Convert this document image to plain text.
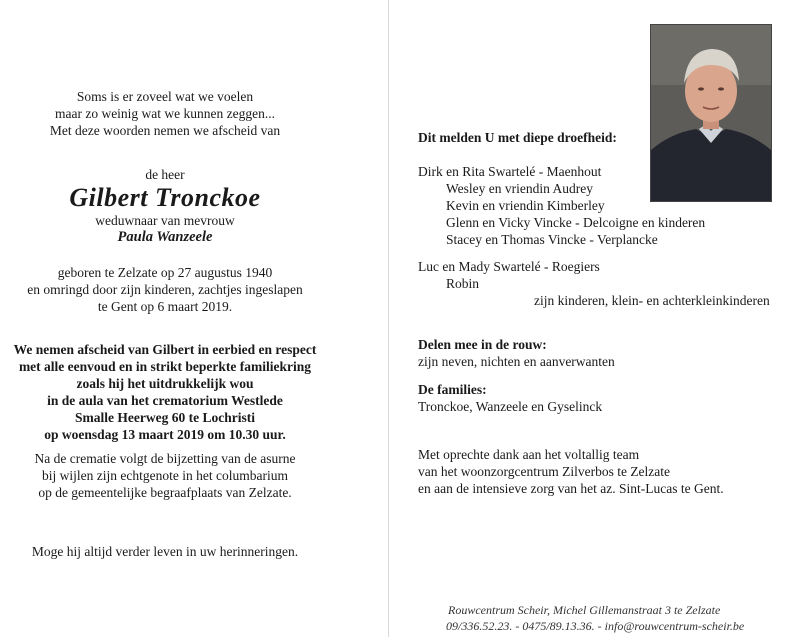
Soms is er zoveel wat we voelen
maar zo weinig wat we kunnen zeggen...
Met deze woorden nemen we afscheid van
de heer
Gilbert Tronckoe
weduwnaar van mevrouw
Paula Wanzeele
geboren te Zelzate op 27 augustus 1940
en omringd door zijn kinderen, zachtjes ingeslapen
te Gent op 6 maart 2019.
We nemen afscheid van Gilbert in eerbied en respect
met alle eenvoud en in strikt beperkte familiekring
zoals hij het uitdrukkelijk wou
in de aula van het crematorium Westlede
Smalle Heerweg 60 te Lochristi
op woensdag 13 maart 2019 om 10.30 uur.
Na de crematie volgt de bijzetting van de asurne
bij wijlen zijn echtgenote in het columbarium
op de gemeentelijke begraafplaats van Zelzate.
Moge hij altijd verder leven in uw herinneringen.
Dit melden U met diepe droefheid:
Dirk en Rita Swartelé - Maenhout
Wesley en vriendin Audrey
Kevin en vriendin Kimberley
Glenn en Vicky Vincke - Delcoigne en kinderen
Stacey en Thomas Vincke - Verplancke
Luc en Mady Swartelé - Roegiers
Robin
zijn kinderen, klein- en achterkleinkinderen
Delen mee in de rouw:
zijn neven, nichten en aanverwanten
De families:
Tronckoe, Wanzeele en Gyselinck
Met oprechte dank aan het voltallig team
van het woonzorgcentrum Zilverbos te Zelzate
en aan de intensieve zorg van het az. Sint-Lucas te Gent.
Rouwcentrum Scheir, Michel Gillemanstraat 3 te Zelzate
09/336.52.23. - 0475/89.13.36. - info@rouwcentrum-scheir.be
